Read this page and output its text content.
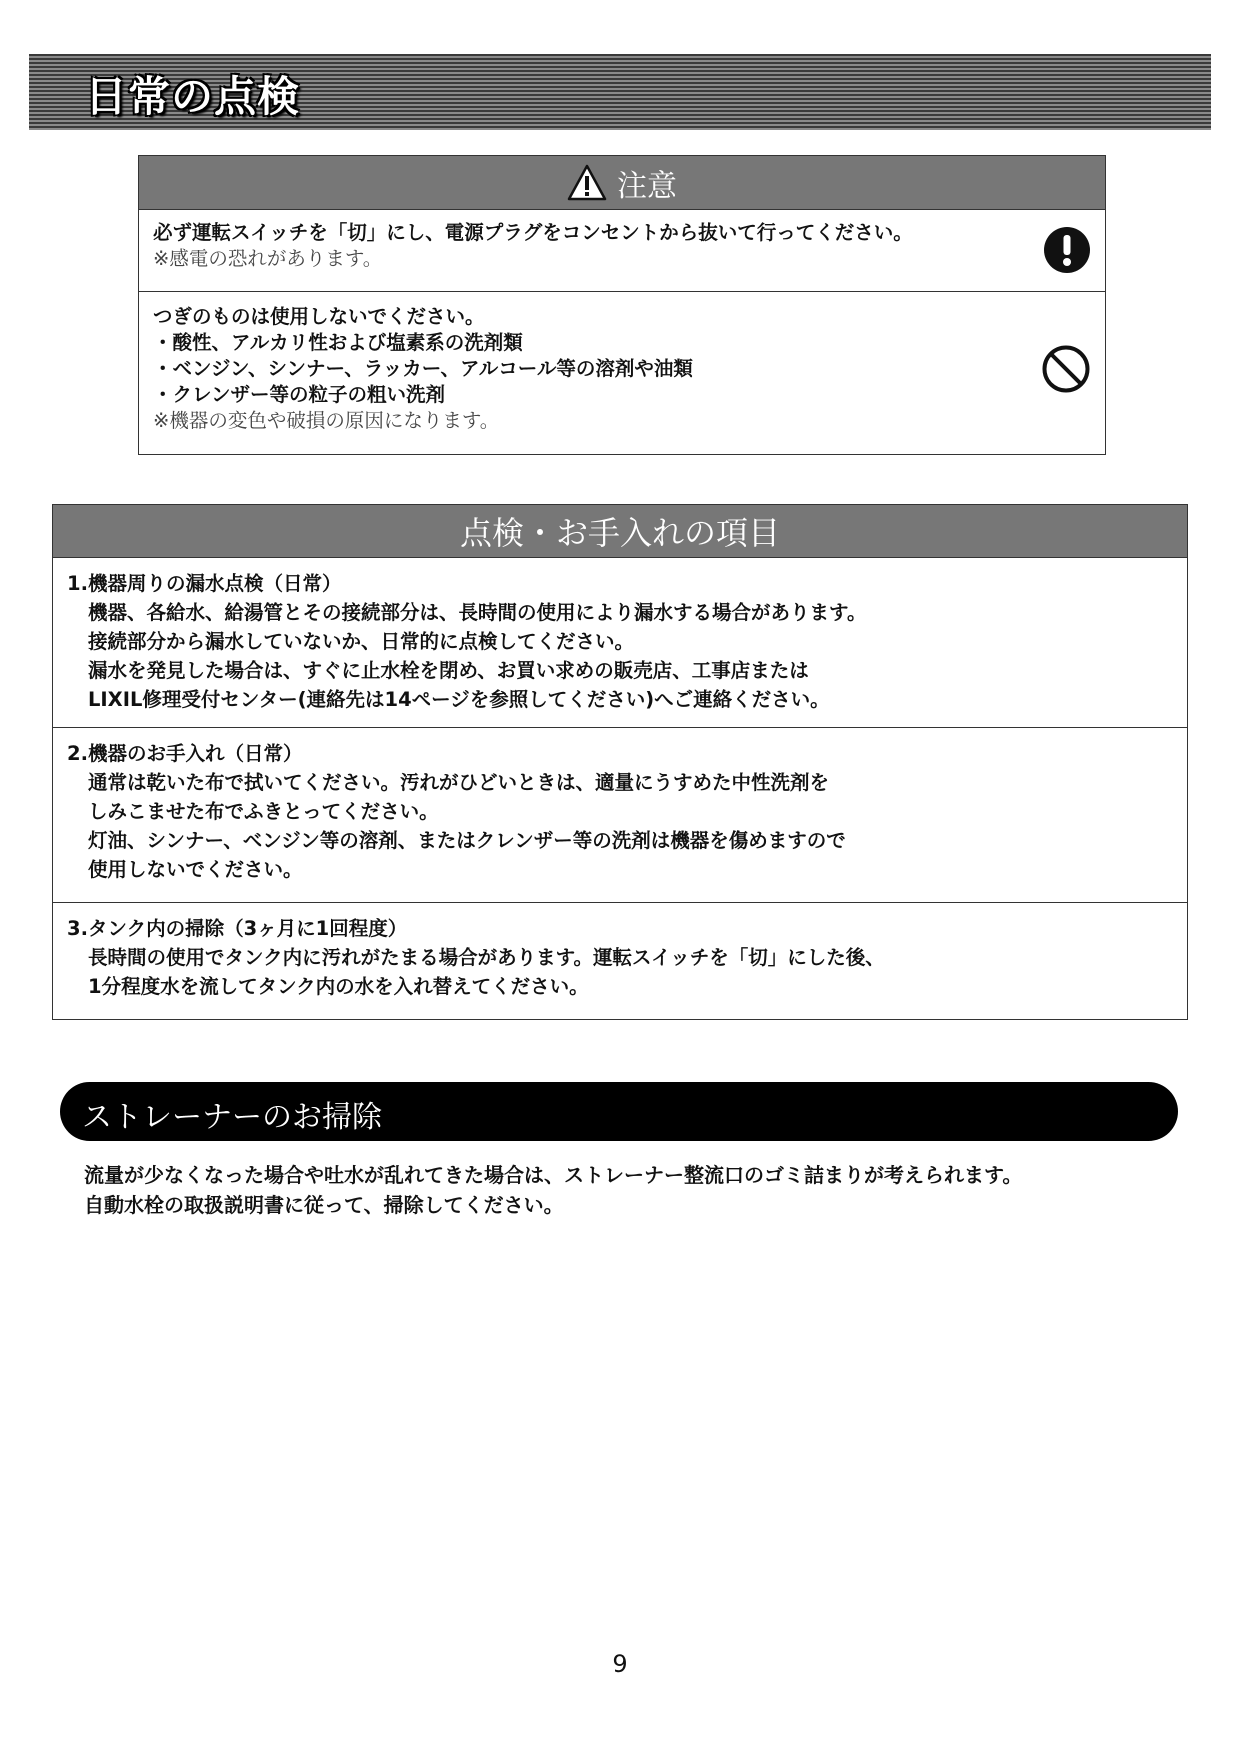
日常の点検
注意
必ず運転スイッチを「切」にし、電源プラグをコンセントから抜いて行ってください。
※感電の恐れがあります。
つぎのものは使用しないでください。
・酸性、アルカリ性および塩素系の洗剤類
・ベンジン、シンナー、ラッカー、アルコール等の溶剤や油類
・クレンザー等の粒子の粗い洗剤
※機器の変色や破損の原因になります。
点検・お手入れの項目
1.機器周りの漏水点検（日常）
機器、各給水、給湯管とその接続部分は、長時間の使用により漏水する場合があります。
接続部分から漏水していないか、日常的に点検してください。
漏水を発見した場合は、すぐに止水栓を閉め、お買い求めの販売店、工事店または
LIXIL修理受付センター(連絡先は14ページを参照してください)へご連絡ください。
2.機器のお手入れ（日常）
通常は乾いた布で拭いてください。汚れがひどいときは、適量にうすめた中性洗剤を
しみこませた布でふきとってください。
灯油、シンナー、ベンジン等の溶剤、またはクレンザー等の洗剤は機器を傷めますので
使用しないでください。
3.タンク内の掃除（3ヶ月に1回程度）
長時間の使用でタンク内に汚れがたまる場合があります。運転スイッチを「切」にした後、
1分程度水を流してタンク内の水を入れ替えてください。
ストレーナーのお掃除
流量が少なくなった場合や吐水が乱れてきた場合は、ストレーナー整流口のゴミ詰まりが考えられます。
自動水栓の取扱説明書に従って、掃除してください。
9
